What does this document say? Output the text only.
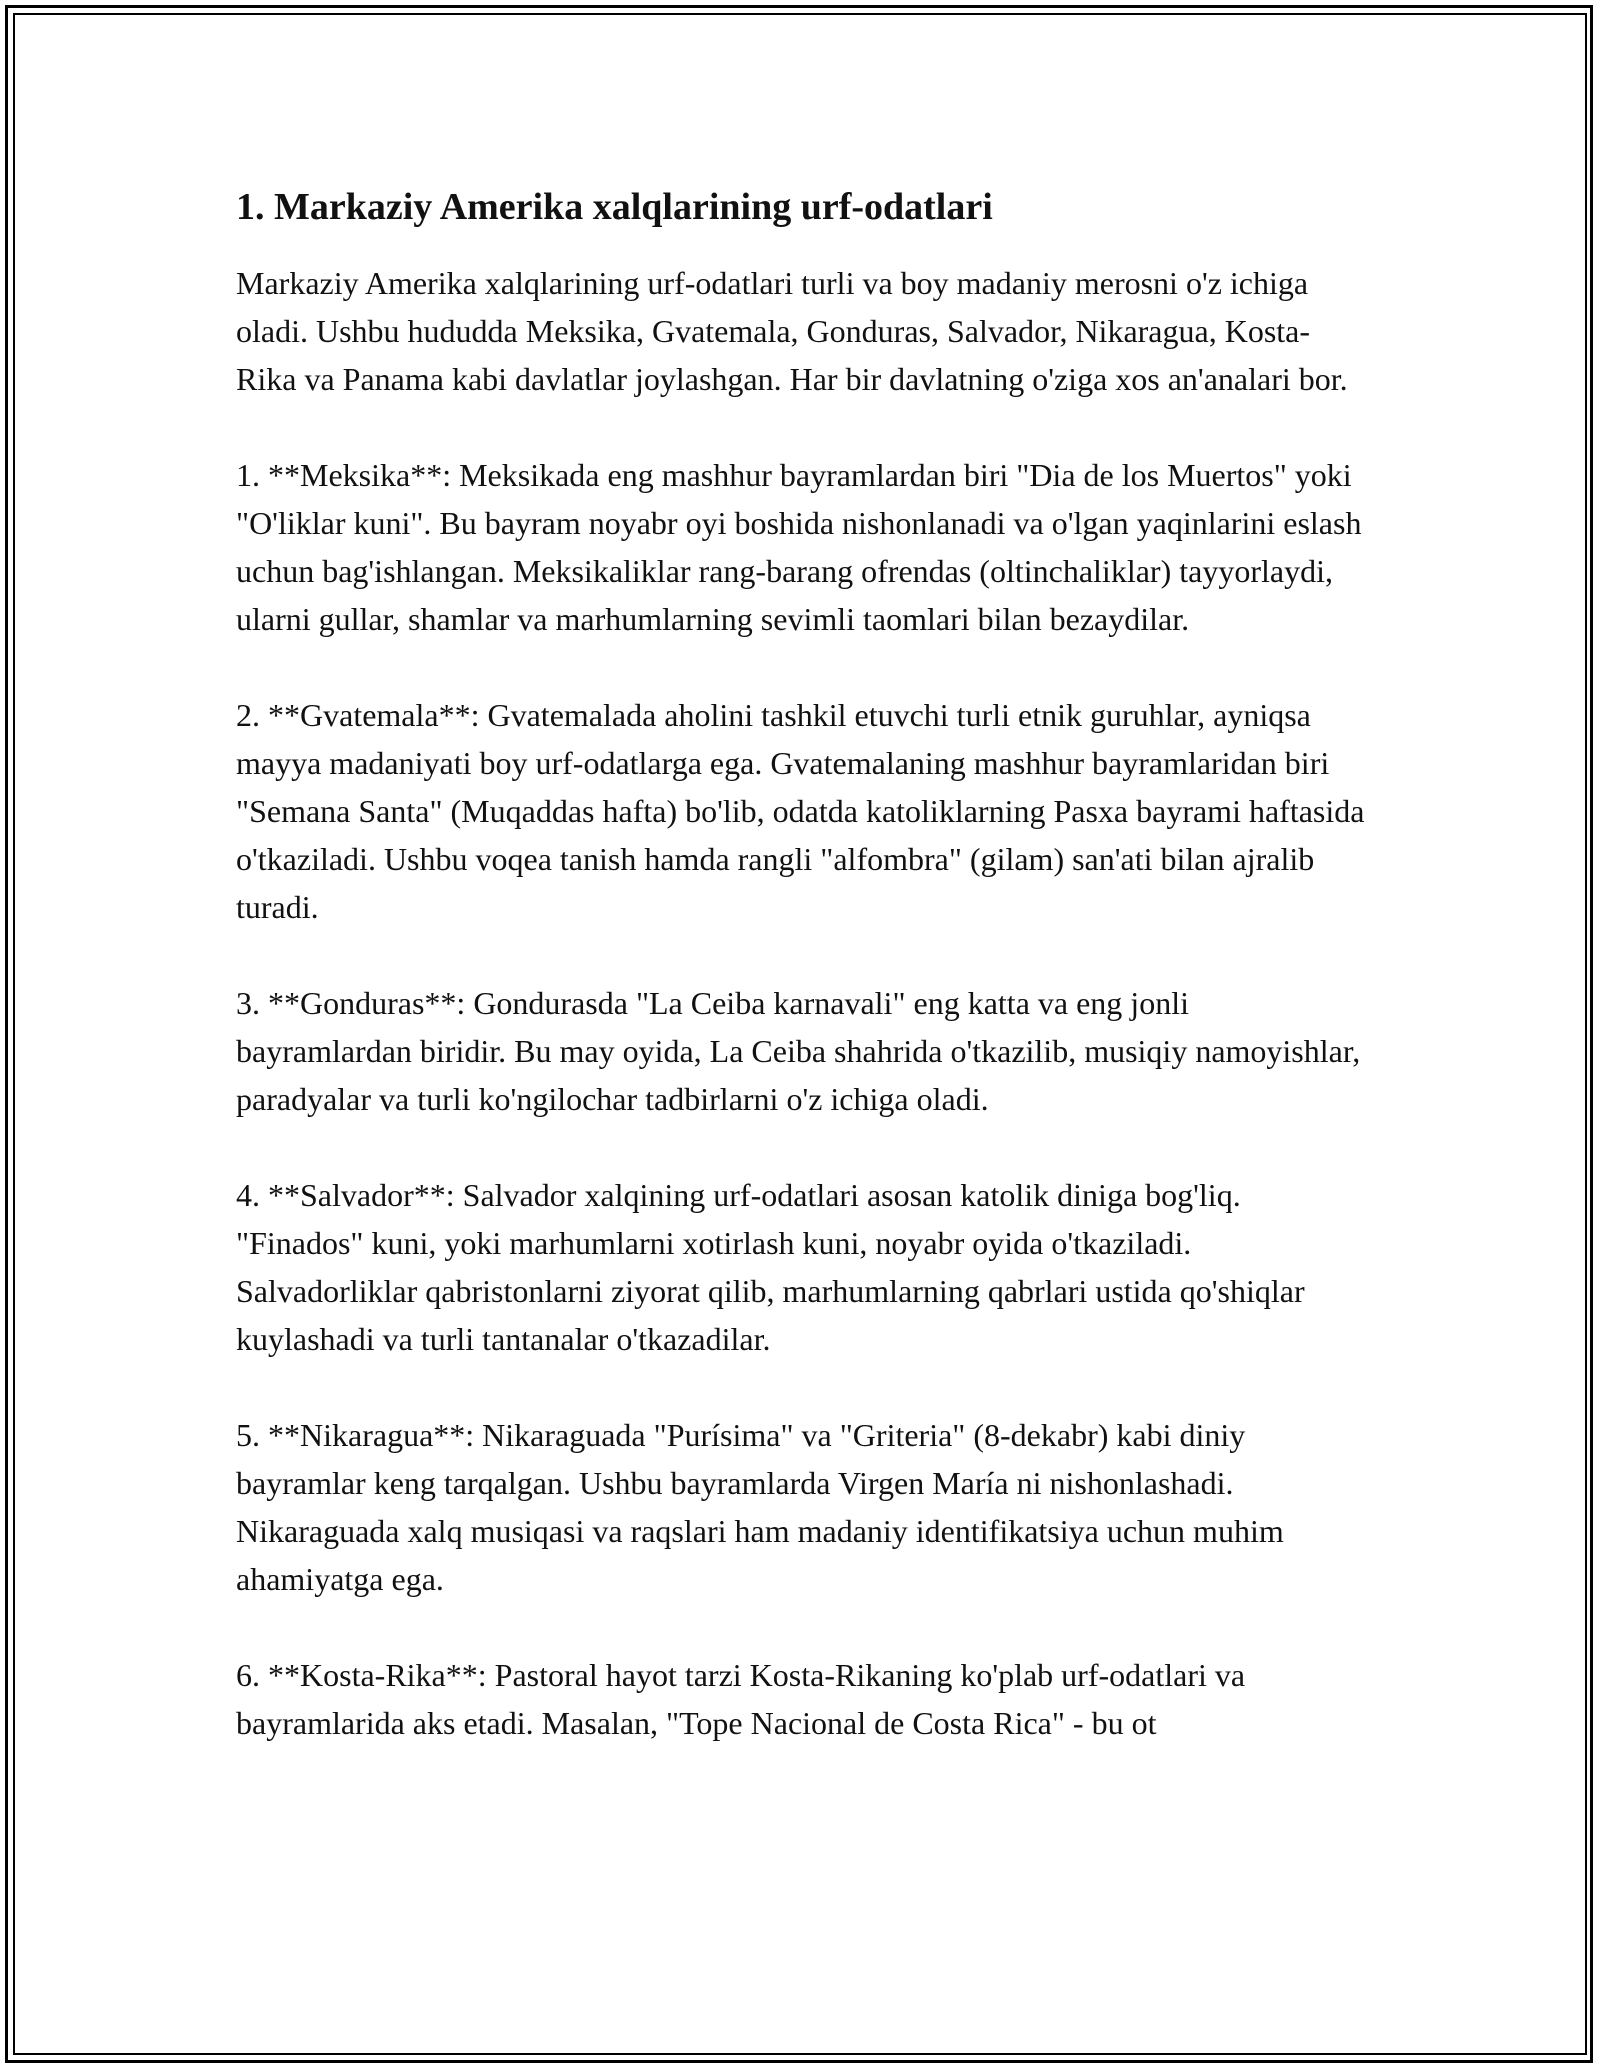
1. Markaziy Amerika xalqlarining urf-odatlari

Markaziy Amerika xalqlarining urf-odatlari turli va boy madaniy merosni o'z ichiga oladi. Ushbu hududda Meksika, Gvatemala, Gonduras, Salvador, Nikaragua, Kosta-Rika va Panama kabi davlatlar joylashgan. Har bir davlatning o'ziga xos an'analari bor.

1. **Meksika**: Meksikada eng mashhur bayramlardan biri "Dia de los Muertos" yoki "O'liklar kuni". Bu bayram noyabr oyi boshida nishonlanadi va o'lgan yaqinlarini eslash uchun bag'ishlangan. Meksikaliklar rang-barang ofrendas (oltinchaliklar) tayyorlaydi, ularni gullar, shamlar va marhumlarning sevimli taomlari bilan bezaydilar.

2. **Gvatemala**: Gvatemalada aholini tashkil etuvchi turli etnik guruhlar, ayniqsa mayya madaniyati boy urf-odatlarga ega. Gvatemalaning mashhur bayramlaridan biri "Semana Santa" (Muqaddas hafta) bo'lib, odatda katoliklarning Pasxa bayrami haftasida o'tkaziladi. Ushbu voqea tanish hamda rangli "alfombra" (gilam) san'ati bilan ajralib turadi.

3. **Gonduras**: Gondurasda "La Ceiba karnavali" eng katta va eng jonli bayramlardan biridir. Bu may oyida, La Ceiba shahrida o'tkazilib, musiqiy namoyishlar, paradyalar va turli ko'ngilochar tadbirlarni o'z ichiga oladi.

4. **Salvador**: Salvador xalqining urf-odatlari asosan katolik diniga bog'liq. "Finados" kuni, yoki marhumlarni xotirlash kuni, noyabr oyida o'tkaziladi. Salvadorliklar qabristonlarni ziyorat qilib, marhumlarning qabrlari ustida qo'shiqlar kuylashadi va turli tantanalar o'tkazadilar.

5. **Nikaragua**: Nikaraguada "Purísima" va "Griteria" (8-dekabr) kabi diniy bayramlar keng tarqalgan. Ushbu bayramlarda Virgen María ni nishonlashadi. Nikaraguada xalq musiqasi va raqslari ham madaniy identifikatsiya uchun muhim ahamiyatga ega.

6. **Kosta-Rika**: Pastoral hayot tarzi Kosta-Rikaning ko'plab urf-odatlari va bayramlarida aks etadi. Masalan, "Tope Nacional de Costa Rica" - bu ot
